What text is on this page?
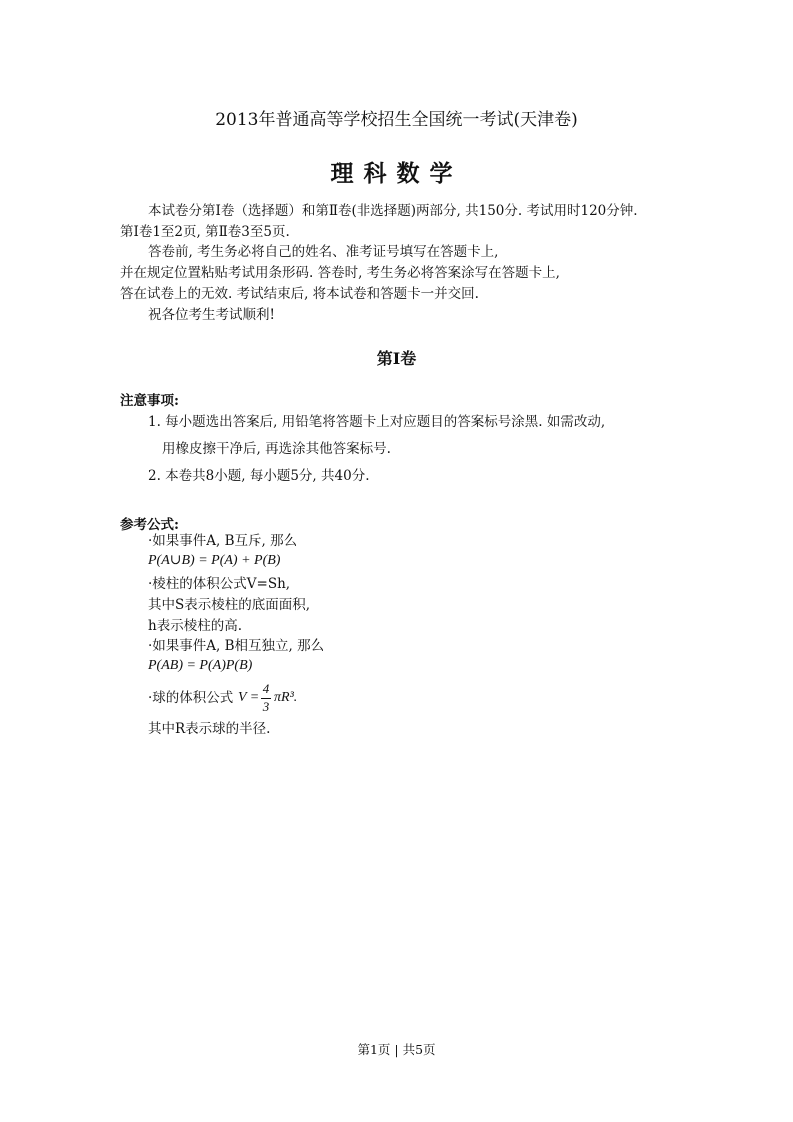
2013年普通高等学校招生全国统一考试(天津卷)
理科数学
本试卷分第Ⅰ卷（选择题）和第Ⅱ卷(非选择题)两部分, 共150分. 考试用时120分钟.
第Ⅰ卷1至2页, 第Ⅱ卷3至5页.
答卷前, 考生务必将自己的姓名、准考证号填写在答题卡上,
并在规定位置粘贴考试用条形码. 答卷时, 考生务必将答案涂写在答题卡上,
答在试卷上的无效. 考试结束后, 将本试卷和答题卡一并交回.
祝各位考生考试顺利!
第Ⅰ卷
注意事项:
1. 每小题选出答案后, 用铅笔将答题卡上对应题目的答案标号涂黑. 如需改动,
用橡皮擦干净后, 再选涂其他答案标号.
2. 本卷共8小题, 每小题5分, 共40分.
参考公式:
·如果事件A, B互斥, 那么
P(A∪B) = P(A) + P(B)
·棱柱的体积公式V=Sh,
其中S表示棱柱的底面面积,
h表示棱柱的高.
·如果事件A, B相互独立, 那么
P(AB) = P(A)P(B)
·球的体积公式 V =
4
3
πR³.
其中R表示球的半径.
第1页 | 共5页
